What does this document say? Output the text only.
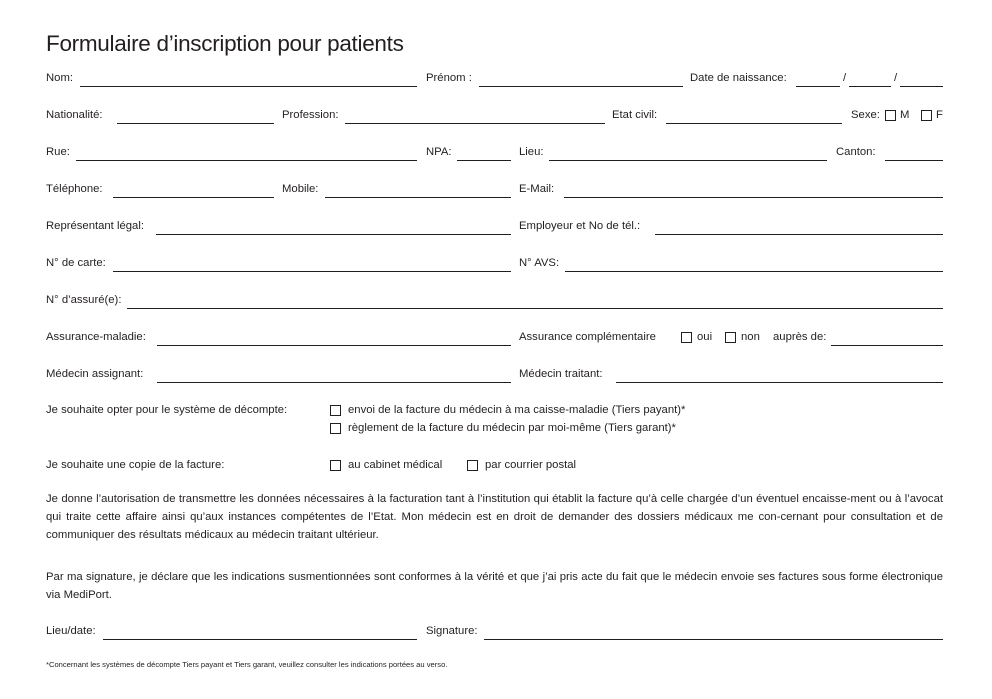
Formulaire d’inscription pour patients
Nom:	Prénom :	Date de naissance:	/	/
Nationalité:	Profession:	Etat civil:	Sexe: M F
Rue:	NPA:	Lieu:	Canton:
Téléphone:	Mobile:	E-Mail:
Représentant légal:	Employeur et No de tél.:
N° de carte:	N° AVS:
N° d’assuré(e):
Assurance-maladie:	Assurance complémentaire	oui	non auprès de:
Médecin assignant:	Médecin traitant:
Je souhaite opter pour le système de décompte:	envoi de la facture du médecin à ma caisse-maladie (Tiers payant)*
règlement de la facture du médecin par moi-même (Tiers garant)*
Je souhaite une copie de la facture:	au cabinet médical	par courrier postal

Je donne l’autorisation de transmettre les données nécessaires à la facturation tant à l’institution qui établit la facture qu’à celle chargée d’un éventuel encaisse-ment ou à l’avocat qui traite cette affaire ainsi qu’aux instances compétentes de l’Etat. Mon médecin est en droit de demander des dossiers médicaux me con-cernant pour consultation et de communiquer des résultats médicaux au médecin traitant ultérieur.

Par ma signature, je déclare que les indications susmentionnées sont conformes à la vérité et que j’ai pris acte du fait que le médecin envoie ses factures sous forme électronique via MediPort.

Lieu/date:	Signature:
*Concernant les systèmes de décompte Tiers payant et Tiers garant, veuillez consulter les indications portées au verso.
